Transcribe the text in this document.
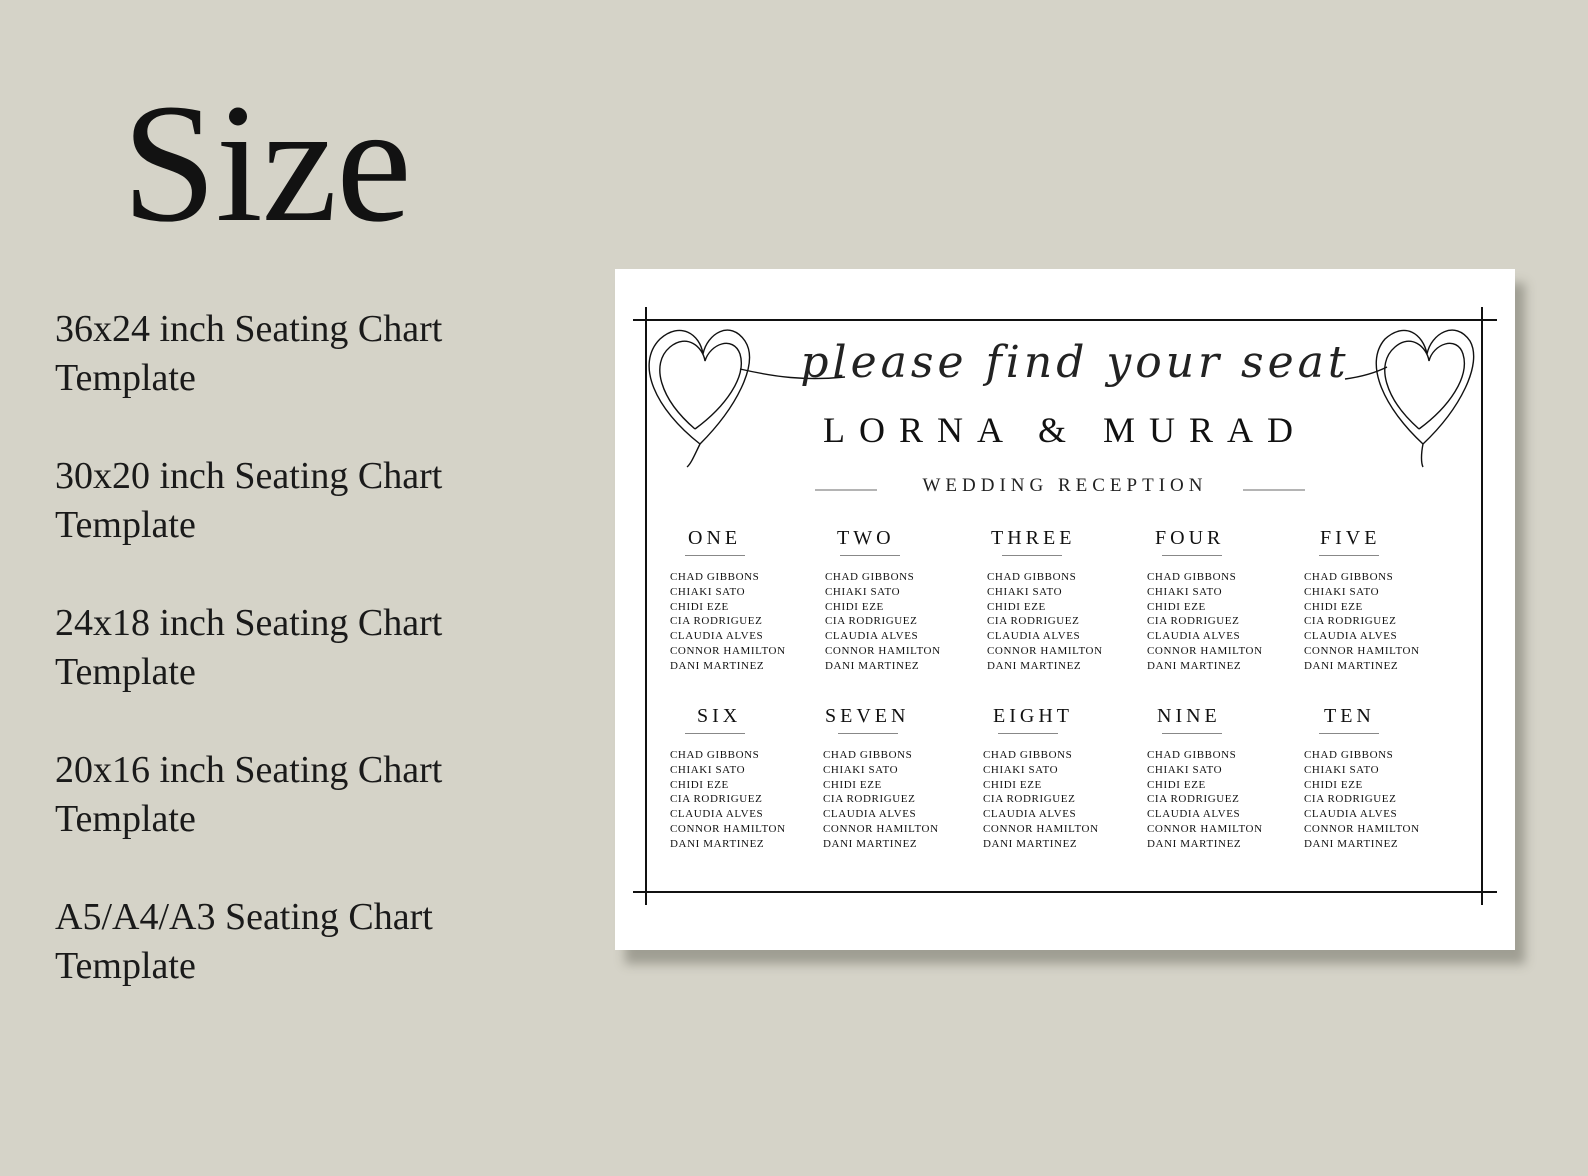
Size
36x24 inch Seating Chart
Template
30x20 inch Seating Chart
Template
24x18 inch Seating Chart
Template
20x16 inch Seating Chart
Template
A5/A4/A3 Seating Chart
Template
please find your seat
LORNA & MURAD
WEDDING RECEPTION
ONE
CHAD GIBBONS
CHIAKI SATO
CHIDI EZE
CIA RODRIGUEZ
CLAUDIA ALVES
CONNOR HAMILTON
DANI MARTINEZ
TWO
CHAD GIBBONS
CHIAKI SATO
CHIDI EZE
CIA RODRIGUEZ
CLAUDIA ALVES
CONNOR HAMILTON
DANI MARTINEZ
THREE
CHAD GIBBONS
CHIAKI SATO
CHIDI EZE
CIA RODRIGUEZ
CLAUDIA ALVES
CONNOR HAMILTON
DANI MARTINEZ
FOUR
CHAD GIBBONS
CHIAKI SATO
CHIDI EZE
CIA RODRIGUEZ
CLAUDIA ALVES
CONNOR HAMILTON
DANI MARTINEZ
FIVE
CHAD GIBBONS
CHIAKI SATO
CHIDI EZE
CIA RODRIGUEZ
CLAUDIA ALVES
CONNOR HAMILTON
DANI MARTINEZ
SIX
CHAD GIBBONS
CHIAKI SATO
CHIDI EZE
CIA RODRIGUEZ
CLAUDIA ALVES
CONNOR HAMILTON
DANI MARTINEZ
SEVEN
CHAD GIBBONS
CHIAKI SATO
CHIDI EZE
CIA RODRIGUEZ
CLAUDIA ALVES
CONNOR HAMILTON
DANI MARTINEZ
EIGHT
CHAD GIBBONS
CHIAKI SATO
CHIDI EZE
CIA RODRIGUEZ
CLAUDIA ALVES
CONNOR HAMILTON
DANI MARTINEZ
NINE
CHAD GIBBONS
CHIAKI SATO
CHIDI EZE
CIA RODRIGUEZ
CLAUDIA ALVES
CONNOR HAMILTON
DANI MARTINEZ
TEN
CHAD GIBBONS
CHIAKI SATO
CHIDI EZE
CIA RODRIGUEZ
CLAUDIA ALVES
CONNOR HAMILTON
DANI MARTINEZ
